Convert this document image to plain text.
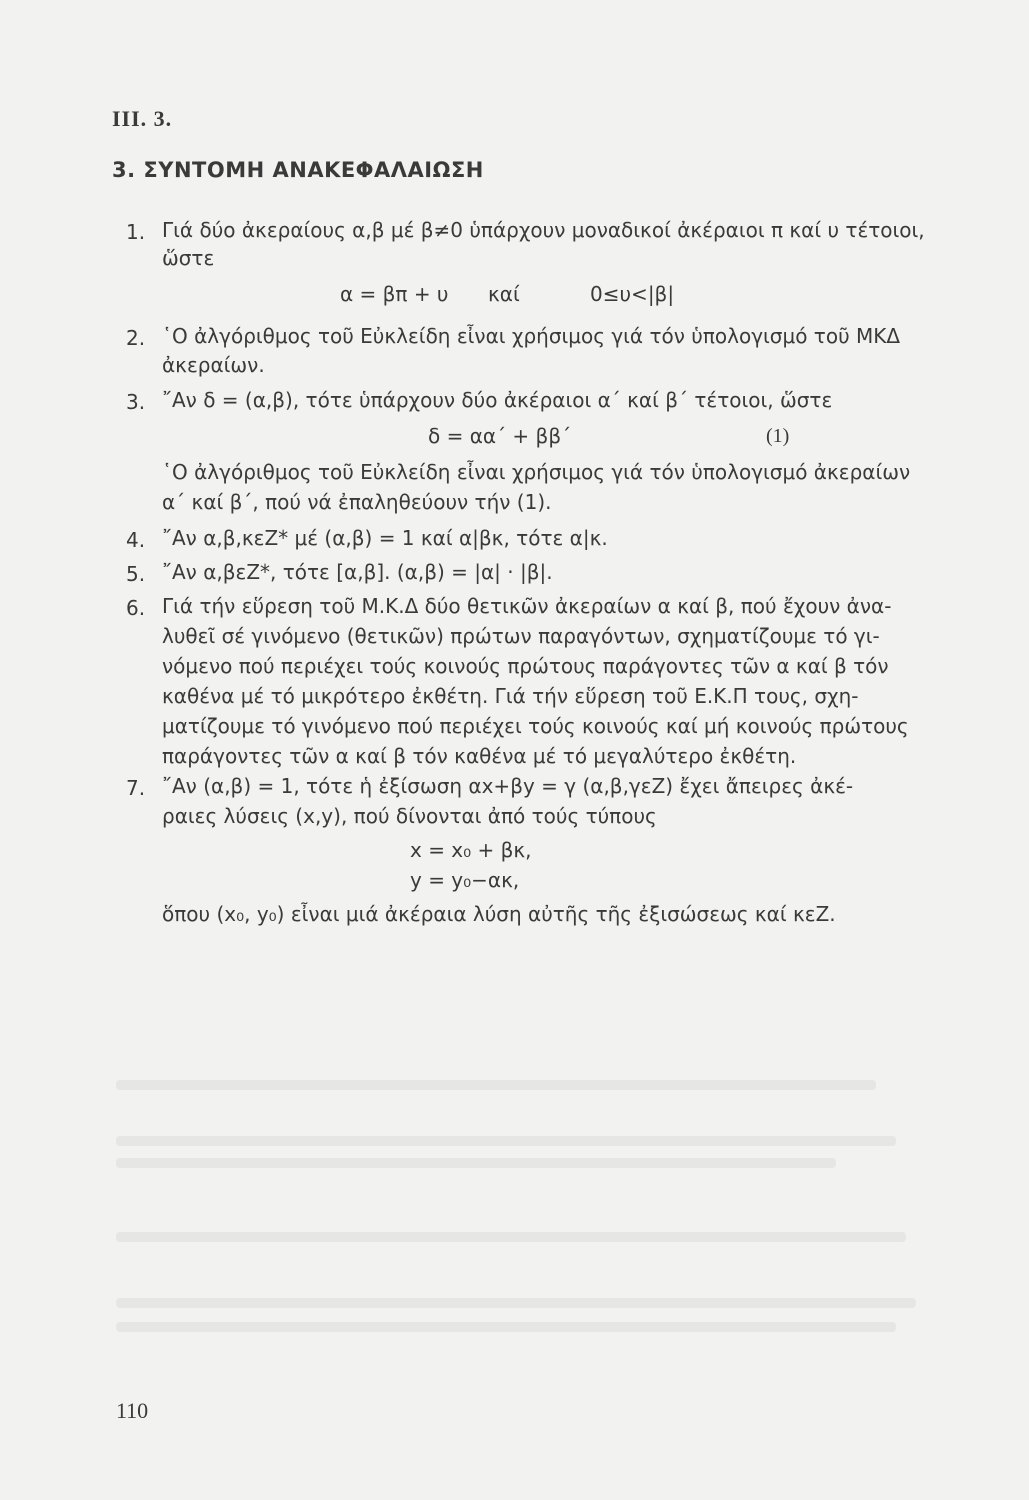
III. 3.
3. ΣΥΝΤΟΜΗ ΑΝΑΚΕΦΑΛΑΙΩΣΗ
1. Γιά δύο ἀκεραίους α,β μέ β≠0 ὑπάρχουν μοναδικοί ἀκέραιοι π καί υ τέτοιοι,
ὥστε
α = βπ + υ καί	0≤υ<|β|
2. ῾Ο ἀλγόριθμος τοῦ Εὐκλείδη εἶναι χρήσιμος γιά τόν ὑπολογισμό τοῦ ΜΚΔ
ἀκεραίων.
3. ῎Αν δ = (α,β), τότε ὑπάρχουν δύο ἀκέραιοι α΄ καί β΄ τέτοιοι, ὥστε
δ = αα΄ + ββ΄	(1)
῾Ο ἀλγόριθμος τοῦ Εὐκλείδη εἶναι χρήσιμος γιά τόν ὑπολογισμό ἀκεραίων
α΄ καί β΄, πού νά ἐπαληθεύουν τήν (1).
4. ῎Αν α,β,κεZ* μέ (α,β) = 1 καί α|βκ, τότε α|κ.
5. ῎Αν α,βεZ*, τότε [α,β]. (α,β) = |α| · |β|.
6. Γιά τήν εὕρεση τοῦ Μ.Κ.Δ δύο θετικῶν ἀκεραίων α καί β, πού ἔχουν ἀνα-
λυθεῖ σέ γινόμενο (θετικῶν) πρώτων παραγόντων, σχηματίζουμε τό γι-
νόμενο πού περιέχει τούς κοινούς πρώτους παράγοντες τῶν α καί β τόν
καθένα μέ τό μικρότερο ἐκθέτη. Γιά τήν εὕρεση τοῦ Ε.Κ.Π τους, σχη-
ματίζουμε τό γινόμενο πού περιέχει τούς κοινούς καί μή κοινούς πρώτους
παράγοντες τῶν α καί β τόν καθένα μέ τό μεγαλύτερο ἐκθέτη.
7. ῎Αν (α,β) = 1, τότε ἡ ἐξίσωση αx+βy = γ (α,β,γεZ) ἔχει ἄπειρες ἀκέ-
ραιες λύσεις (x,y), πού δίνονται ἀπό τούς τύπους
x = x₀ + βκ,
y = y₀−ακ,
ὅπου (x₀, y₀) εἶναι μιά ἀκέραια λύση αὐτῆς τῆς ἐξισώσεως καί κεZ.
110
